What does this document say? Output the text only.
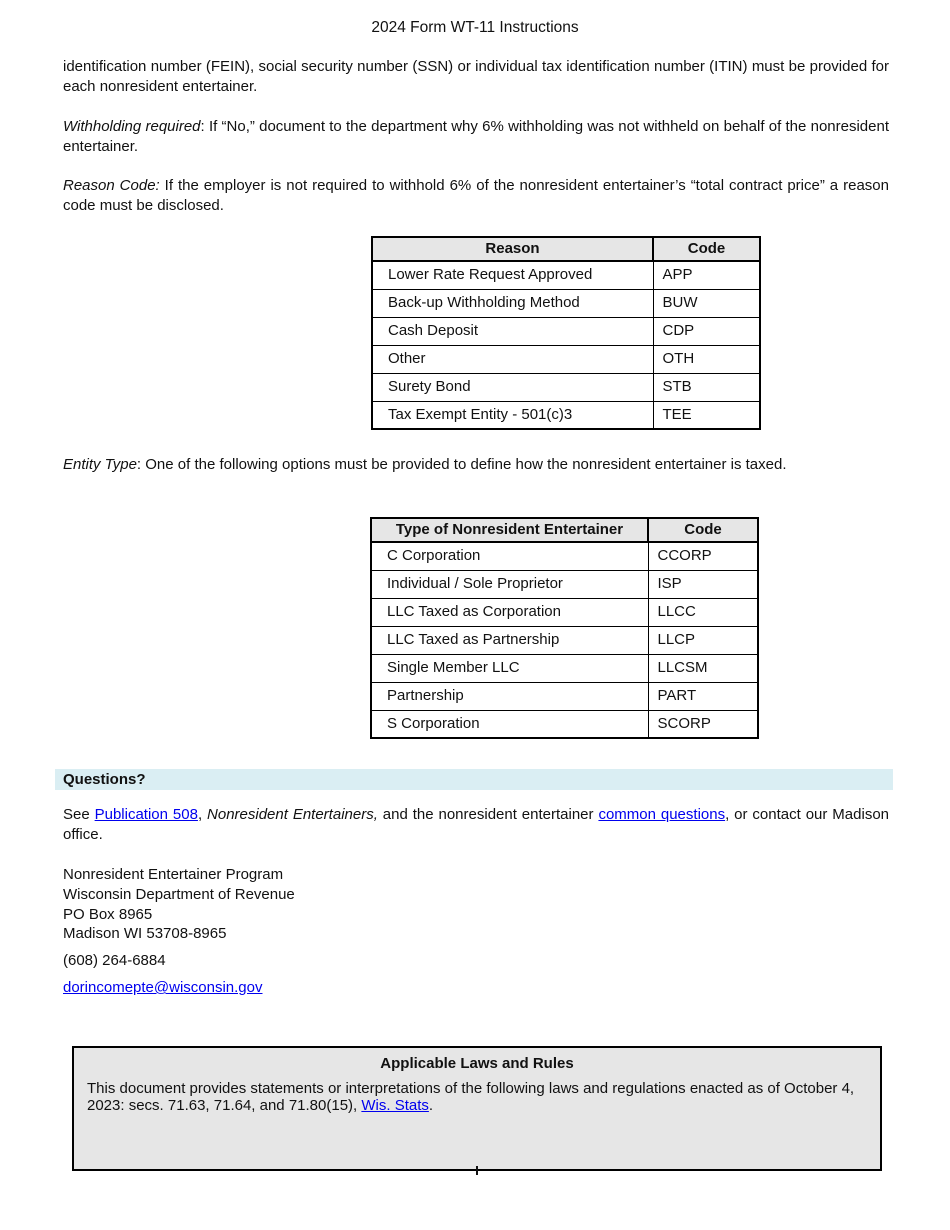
2024 Form WT-11 Instructions

identification number (FEIN), social security number (SSN) or individual tax identification number (ITIN) must be provided for each nonresident entertainer.

Withholding required: If “No,” document to the department why 6% withholding was not withheld on behalf of the nonresident entertainer.

Reason Code: If the employer is not required to withhold 6% of the nonresident entertainer’s “total contract price” a reason code must be disclosed.

Reason	Code
Lower Rate Request Approved	APP
Back-up Withholding Method	BUW
Cash Deposit	CDP
Other	OTH
Surety Bond	STB
Tax Exempt Entity - 501(c)3	TEE

Entity Type: One of the following options must be provided to define how the nonresident entertainer is taxed.

Type of Nonresident Entertainer	Code
C Corporation	CCORP
Individual / Sole Proprietor	ISP
LLC Taxed as Corporation	LLCC
LLC Taxed as Partnership	LLCP
Single Member LLC	LLCSM
Partnership	PART
S Corporation	SCORP
Questions?

See Publication 508, Nonresident Entertainers, and the nonresident entertainer common questions, or contact our Madison office.

Nonresident Entertainer Program
Wisconsin Department of Revenue
PO Box 8965
Madison WI 53708-8965
(608) 264-6884
dorincomepte@wisconsin.gov
Applicable Laws and Rules

This document provides statements or interpretations of the following laws and regulations enacted as of October 4, 2023: secs. 71.63, 71.64, and 71.80(15), Wis. Stats.
